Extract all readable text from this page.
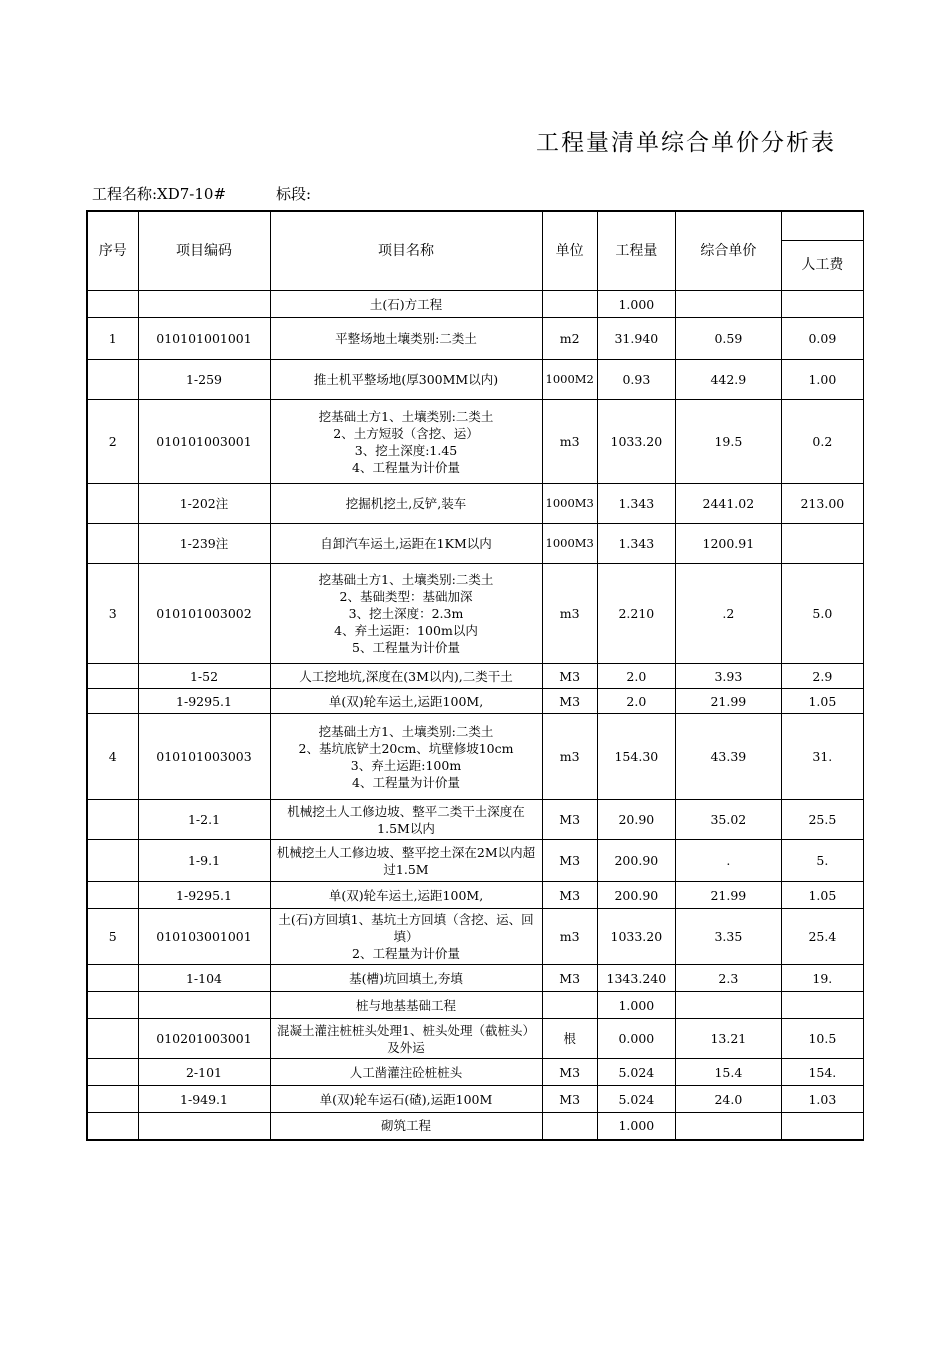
工程量清单综合单价分析表
工程名称:XD7-10#	标段:
序号	项目编码	项目名称	单位	工程量	综合单价	人工费

		土(石)方工程		1.000		
1	010101001001	平整场地土壤类别:二类土	m2	31.940	0.59	0.09
	1-259	推土机平整场地(厚300MM以内)	1000M2	0.93	442.9	1.00
2	010101003001	挖基础土方1、土壤类别:二类土
2、土方短驳（含挖、运）
3、挖土深度:1.45
4、工程量为计价量	m3	1033.20	19.5	0.2
	1-202注	挖掘机挖土,反铲,装车	1000M3	1.343	2441.02	213.00
	1-239注	自卸汽车运土,运距在1KM以内	1000M3	1.343	1200.91	
3	010101003002	挖基础土方1、土壤类别:二类土
2、基础类型：基础加深
3、挖土深度：2.3m
4、弃土运距：100m以内
5、工程量为计价量	m3	2.210	.2	5.0
	1-52	人工挖地坑,深度在(3M以内),二类干土	M3	2.0	3.93	2.9
	1-9295.1	单(双)轮车运土,运距100M,	M3	2.0	21.99	1.05
4	010101003003	挖基础土方1、土壤类别:二类土
2、基坑底铲土20cm、坑壁修坡10cm
3、弃土运距:100m
4、工程量为计价量	m3	154.30	43.39	31.
	1-2.1	机械挖土人工修边坡、整平二类干土深度在1.5M以内	M3	20.90	35.02	25.5
	1-9.1	机械挖土人工修边坡、整平挖土深在2M以内超过1.5M	M3	200.90	.	5.
	1-9295.1	单(双)轮车运土,运距100M,	M3	200.90	21.99	1.05
5	010103001001	土(石)方回填1、基坑土方回填（含挖、运、回填）
2、工程量为计价量	m3	1033.20	3.35	25.4
	1-104	基(槽)坑回填土,夯填	M3	1343.240	2.3	19.
		桩与地基基础工程		1.000		
	010201003001	混凝土灌注桩桩头处理1、桩头处理（截桩头）及外运	根	0.000	13.21	10.5
	2-101	人工凿灌注砼桩桩头	M3	5.024	15.4	154.
	1-949.1	单(双)轮车运石(碴),运距100M	M3	5.024	24.0	1.03
		砌筑工程		1.000		
